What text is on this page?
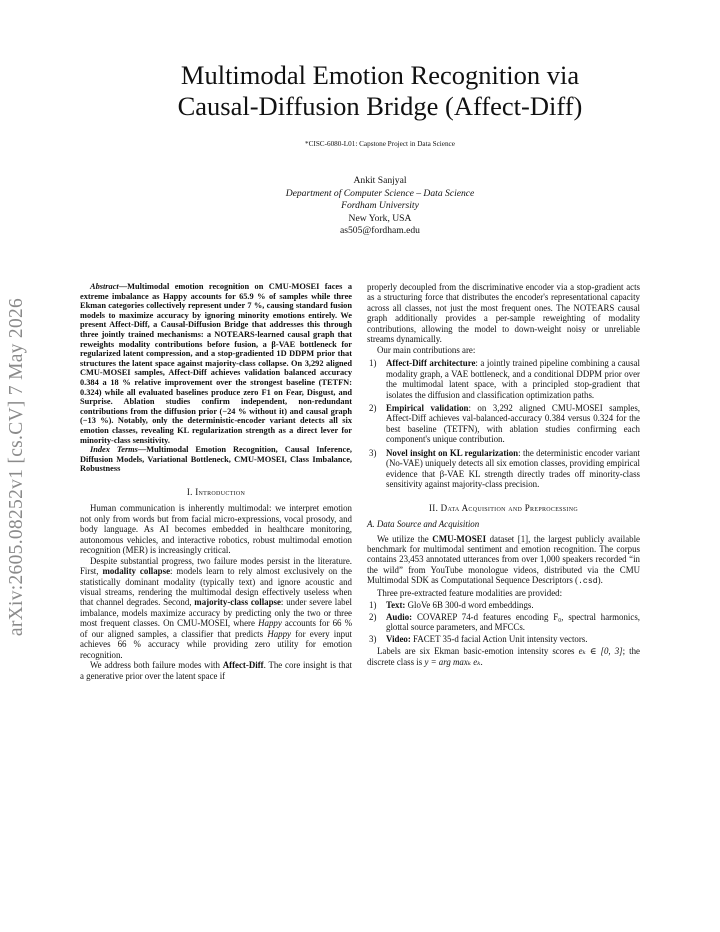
arXiv:2605.08252v1 [cs.CV] 7 May 2026
Multimodal Emotion Recognition via
Causal-Diffusion Bridge (Affect-Diff)
*CISC-6080-L01: Capstone Project in Data Science
Ankit Sanjyal
Department of Computer Science – Data Science
Fordham University
New York, USA
as505@fordham.edu

Abstract—Multimodal emotion recognition on CMU-MOSEI faces a extreme imbalance as Happy accounts for 65.9 % of samples while three Ekman categories collectively represent under 7 %, causing standard fusion models to maximize accuracy by ignoring minority emotions entirely. We present Affect-Diff, a Causal-Diffusion Bridge that addresses this through three jointly trained mechanisms: a NOTEARS-learned causal graph that reweights modality contributions before fusion, a β-VAE bottleneck for regularized latent compression, and a stop-gradiented 1D DDPM prior that structures the latent space against majority-class collapse. On 3,292 aligned CMU-MOSEI samples, Affect-Diff achieves validation balanced accuracy 0.384 a 18 % relative improvement over the strongest baseline (TETFN: 0.324) while all evaluated baselines produce zero F1 on Fear, Disgust, and Surprise. Ablation studies confirm independent, non-redundant contributions from the diffusion prior (−24 % without it) and causal graph (−13 %). Notably, only the deterministic-encoder variant detects all six emotion classes, revealing KL regularization strength as a direct lever for minority-class sensitivity.

Index Terms—Multimodal Emotion Recognition, Causal Inference, Diffusion Models, Variational Bottleneck, CMU-MOSEI, Class Imbalance, Robustness

I. Introduction

Human communication is inherently multimodal: we interpret emotion not only from words but from facial micro-expressions, vocal prosody, and body language. As AI becomes embedded in healthcare monitoring, autonomous vehicles, and interactive robotics, robust multimodal emotion recognition (MER) is increasingly critical.

Despite substantial progress, two failure modes persist in the literature. First, modality collapse: models learn to rely almost exclusively on the statistically dominant modality (typically text) and ignore acoustic and visual streams, rendering the multimodal design effectively useless when that channel degrades. Second, majority-class collapse: under severe label imbalance, models maximize accuracy by predicting only the two or three most frequent classes. On CMU-MOSEI, where Happy accounts for 66 % of our aligned samples, a classifier that predicts Happy for every input achieves 66 % accuracy while providing zero utility for emotion recognition.

We address both failure modes with Affect-Diff. The core insight is that a generative prior over the latent space if

properly decoupled from the discriminative encoder via a stop-gradient acts as a structuring force that distributes the encoder's representational capacity across all classes, not just the most frequent ones. The NOTEARS causal graph additionally provides a per-sample reweighting of modality contributions, allowing the model to down-weight noisy or unreliable streams dynamically.

Our main contributions are:

1) Affect-Diff architecture: a jointly trained pipeline combining a causal modality graph, a VAE bottleneck, and a conditional DDPM prior over the multimodal latent space, with a principled stop-gradient that isolates the diffusion and classification optimization paths.
2) Empirical validation: on 3,292 aligned CMU-MOSEI samples, Affect-Diff achieves val-balanced-accuracy 0.384 versus 0.324 for the best baseline (TETFN), with ablation studies confirming each component's unique contribution.
3) Novel insight on KL regularization: the deterministic encoder variant (No-VAE) uniquely detects all six emotion classes, providing empirical evidence that β-VAE KL strength directly trades off minority-class sensitivity against majority-class precision.
II. Data Acquisition and Preprocessing
A. Data Source and Acquisition

We utilize the CMU-MOSEI dataset [1], the largest publicly available benchmark for multimodal sentiment and emotion recognition. The corpus contains 23,453 annotated utterances from over 1,000 speakers recorded “in the wild” from YouTube monologue videos, distributed via the CMU Multimodal SDK as Computational Sequence Descriptors (.csd).

Three pre-extracted feature modalities are provided:

1) Text: GloVe 6B 300-d word embeddings.
2) Audio: COVAREP 74-d features encoding F₀, spectral harmonics, glottal source parameters, and MFCCs.
3) Video: FACET 35-d facial Action Unit intensity vectors.

Labels are six Ekman basic-emotion intensity scores eₖ ∈ [0, 3]; the discrete class is y = arg maxₖ eₖ.
